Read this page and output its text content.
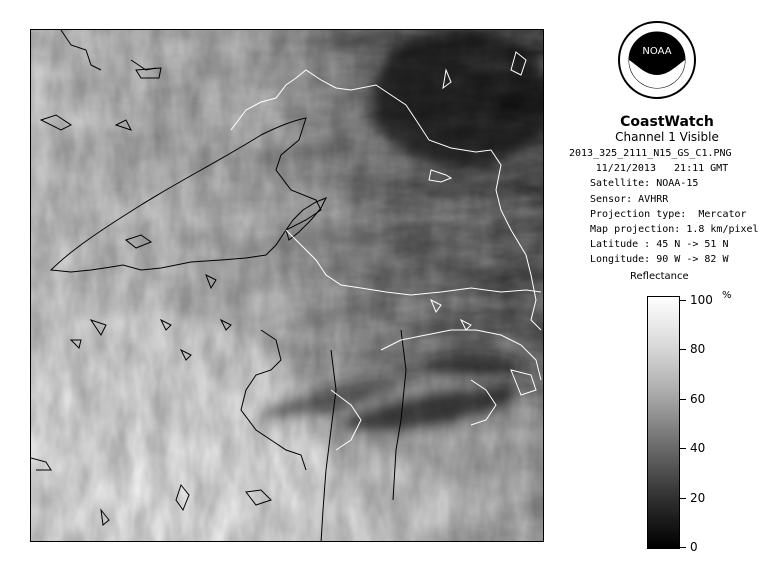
NOAA
CoastWatch
Channel 1 Visible
2013_325_2111_N15_GS_C1.PNG
11/21/2013   21:11 GMT
Satellite: NOAA-15
Sensor: AVHRR
Projection type:  Mercator
Map projection: 1.8 km/pixel
Latitude : 45 N -> 51 N
Longitude: 90 W -> 82 W
Reflectance
%
100
80
60
40
20
0
